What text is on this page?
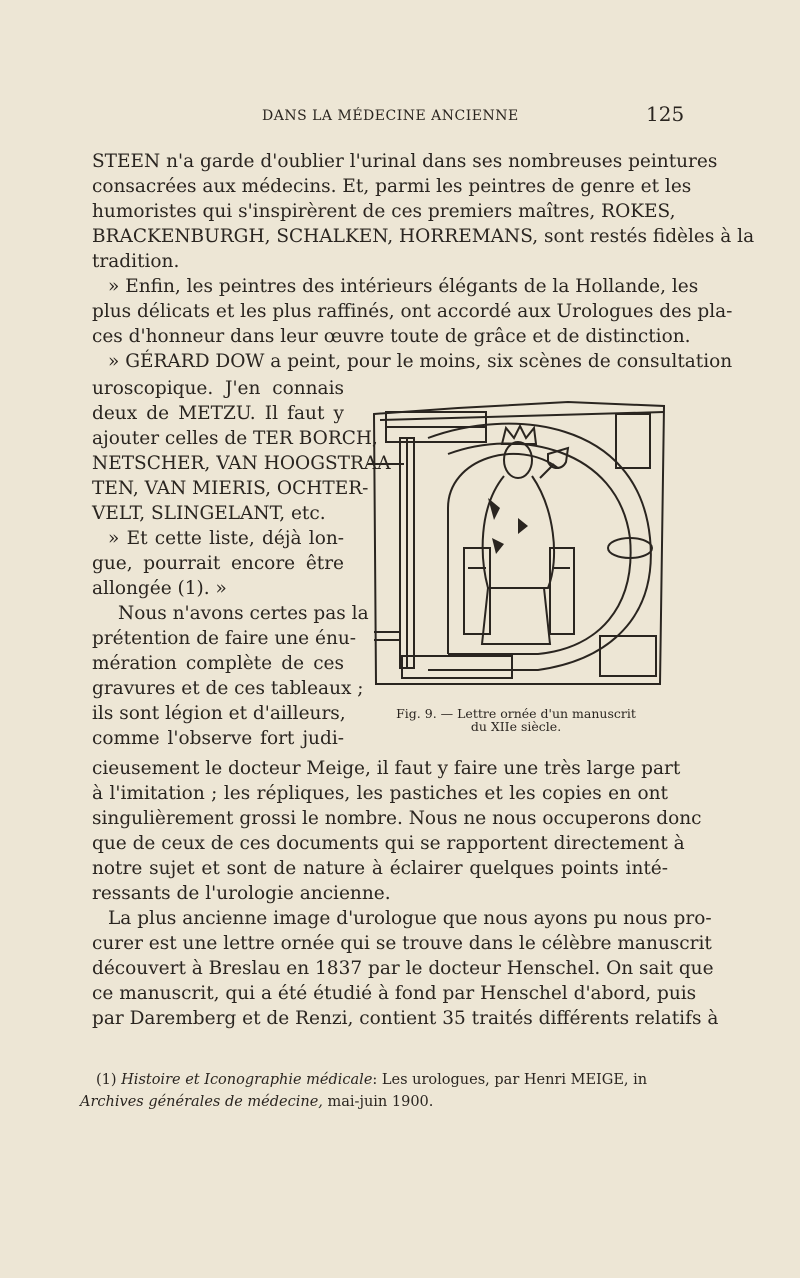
DANS LA MÉDECINE ANCIENNE	125
STEEN n'a garde d'oublier l'urinal dans ses nombreuses peintures
consacrées aux médecins. Et, parmi les peintres de genre et les
humoristes qui s'inspirèrent de ces premiers maîtres, ROKES,
BRACKENBURGH, SCHALKEN, HORREMANS, sont restés fidèles à la
tradition.
» Enfin, les peintres des intérieurs élégants de la Hollande, les
plus délicats et les plus raffinés, ont accordé aux Urologues des pla-
ces d'honneur dans leur œuvre toute de grâce et de distinction.
» GÉRARD DOW a peint, pour le moins, six scènes de consultation
uroscopique. J'en connais
deux de METZU. Il faut y
ajouter celles de TER BORCH,
NETSCHER, VAN HOOGSTRAA-
TEN, VAN MIERIS, OCHTER-
VELT, SLINGELANT, etc.
» Et cette liste, déjà lon-
gue, pourrait encore être
allongée (1). »
Nous n'avons certes pas la
prétention de faire une énu-
mération complète de ces
gravures et de ces tableaux ;
ils sont légion et d'ailleurs,
comme l'observe fort judi-
cieusement le docteur Meige, il faut y faire une très large part
à l'imitation ; les répliques, les pastiches et les copies en ont
singulièrement grossi le nombre. Nous ne nous occuperons donc
que de ceux de ces documents qui se rapportent directement à
notre sujet et sont de nature à éclairer quelques points inté-
ressants de l'urologie ancienne.
La plus ancienne image d'urologue que nous ayons pu nous pro-
curer est une lettre ornée qui se trouve dans le célèbre manuscrit
découvert à Breslau en 1837 par le docteur Henschel. On sait que
ce manuscrit, qui a été étudié à fond par Henschel d'abord, puis
par Daremberg et de Renzi, contient 35 traités différents relatifs à
Fig. 9. — Lettre ornée d'un manuscrit
du XIIe siècle.
(1) Histoire et Iconographie médicale: Les urologues, par Henri MEIGE, in
Archives générales de médecine, mai-juin 1900.
